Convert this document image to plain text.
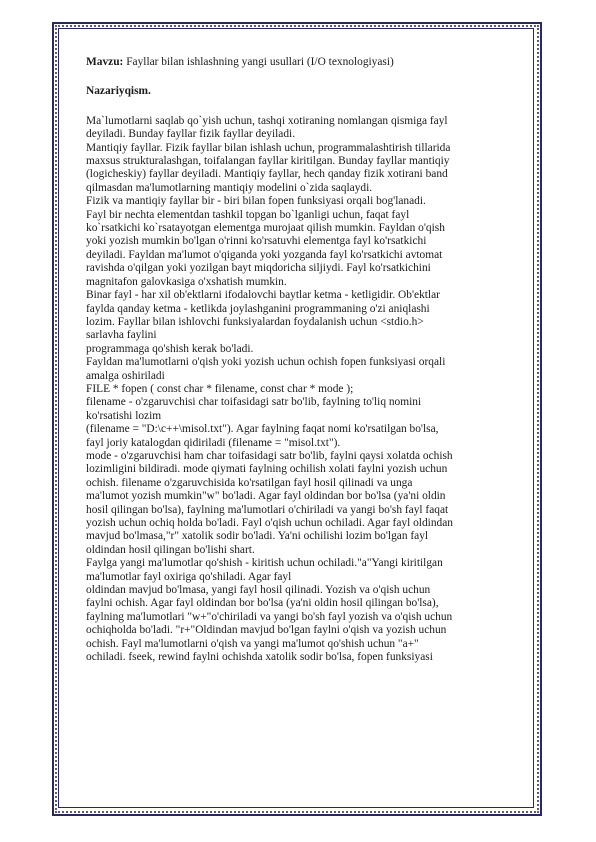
Mavzu: Fayllar bilan ishlashning yangi usullari (I/O texnologiyasi)

Nazariyqism.

Ma`lumotlarni saqlab qo`yish uchun, tashqi xotiraning nomlangan qismiga fayl

deyiladi. Bunday fayllar fizik fayllar deyiladi.

Mantiqiy fayllar. Fizik fayllar bilan ishlash uchun, programmalashtirish tillarida

maxsus strukturalashgan, toifalangan fayllar kiritilgan. Bunday fayllar mantiqiy

(logicheskiy) fayllar deyiladi. Mantiqiy fayllar, hech qanday fizik xotirani band

qilmasdan ma'lumotlarning mantiqiy modelini o`zida saqlaydi.

Fizik va mantiqiy fayllar bir - biri bilan fopen funksiyasi orqali bog'lanadi.

Fayl bir nechta elementdan tashkil topgan bo`lganligi uchun, faqat fayl

ko`rsatkichi ko`rsatayotgan elementga murojaat qilish mumkin. Fayldan o'qish

yoki yozish mumkin bo'lgan o'rinni ko'rsatuvhi elementga fayl ko'rsatkichi

deyiladi. Fayldan ma'lumot o'qiganda yoki yozganda fayl ko'rsatkichi avtomat

ravishda o'qilgan yoki yozilgan bayt miqdoricha siljiydi. Fayl ko'rsatkichini

magnitafon galovkasiga o'xshatish mumkin.

Binar fayl - har xil ob'ektlarni ifodalovchi baytlar ketma - ketligidir. Ob'ektlar

faylda qanday ketma - ketlikda joylashganini programmaning o'zi aniqlashi

lozim. Fayllar bilan ishlovchi funksiyalardan foydalanish uchun <stdio.h>

sarlavha faylini

programmaga qo'shish kerak bo'ladi.

Fayldan ma'lumotlarni o'qish yoki yozish uchun ochish fopen funksiyasi orqali

amalga oshiriladi

FILE * fopen ( const char * filename, const char * mode );

filename - o'zgaruvchisi char toifasidagi satr bo'lib, faylning to'liq nomini

ko'rsatishi lozim

(filename = "D:\c++\misol.txt"). Agar faylning faqat nomi ko'rsatilgan bo'lsa,

fayl joriy katalogdan qidiriladi (filename = "misol.txt").

mode - o'zgaruvchisi ham char toifasidagi satr bo'lib, faylni qaysi xolatda ochish

lozimligini bildiradi. mode qiymati faylning ochilish xolati faylni yozish uchun

ochish. filename o'zgaruvchisida ko'rsatilgan fayl hosil qilinadi va unga

ma'lumot yozish mumkin"w" bo'ladi. Agar fayl oldindan bor bo'lsa (ya'ni oldin

hosil qilingan bo'lsa), faylning ma'lumotlari o'chiriladi va yangi bo'sh fayl faqat

yozish uchun ochiq holda bo'ladi. Fayl o'qish uchun ochiladi. Agar fayl oldindan

mavjud bo'lmasa,"r" xatolik sodir bo'ladi. Ya'ni ochilishi lozim bo'lgan fayl

oldindan hosil qilingan bo'lishi shart.

Faylga yangi ma'lumotlar qo'shish - kiritish uchun ochiladi."a"Yangi kiritilgan

ma'lumotlar fayl oxiriga qo'shiladi. Agar fayl

oldindan mavjud bo'lmasa, yangi fayl hosil qilinadi. Yozish va o'qish uchun

faylni ochish. Agar fayl oldindan bor bo'lsa (ya'ni oldin hosil qilingan bo'lsa),

faylning ma'lumotlari "w+"o'chiriladi va yangi bo'sh fayl yozish va o'qish uchun

ochiqholda bo'ladi. "r+"Oldindan mavjud bo'lgan faylni o'qish va yozish uchun

ochish. Fayl ma'lumotlarni o'qish va yangi ma'lumot qo'shish uchun "a+"

ochiladi. fseek, rewind faylni ochishda xatolik sodir bo'lsa, fopen funksiyasi
